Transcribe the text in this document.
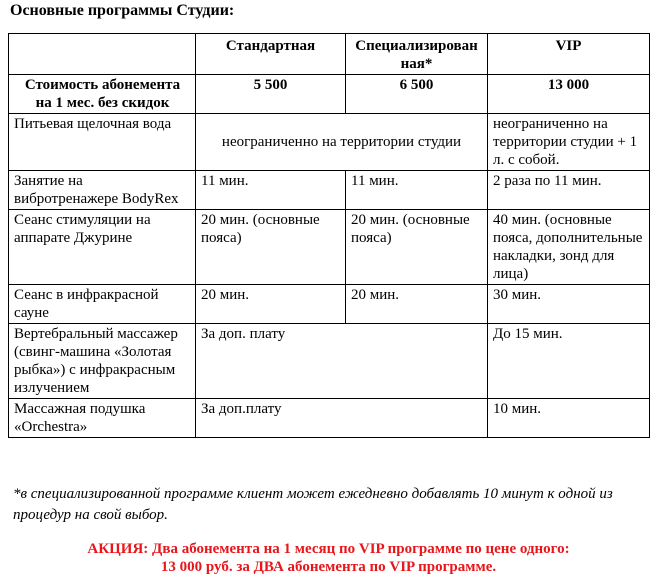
Основные программы Студии:
	Стандартная	Специализированная*	VIP
Стоимость абонемента на 1 мес. без скидок	5 500	6 500	13 000
Питьевая щелочная вода	неограниченно на территории студии		неограниченно на территории студии + 1 л. с собой.
Занятие на вибротренажере BodyRex	11 мин.	11 мин.	2 раза по 11 мин.
Сеанс стимуляции на аппарате Джурине	20 мин. (основные пояса)	20 мин. (основные пояса)	40 мин. (основные пояса, дополнительные накладки, зонд для лица)
Сеанс в инфракрасной сауне	20 мин.	20 мин.	30 мин.
Вертебральный массажер (свинг-машина «Золотая рыбка») с инфракрасным излучением	За доп. плату		До 15 мин.
Массажная подушка «Orchestra»	За доп.плату		10 мин.
*в специализированной программе клиент может ежедневно добавлять 10 минут к одной из процедур на свой выбор.
АКЦИЯ: Два абонемента на 1 месяц по VIP программе по цене одного:
13 000 руб. за ДВА абонемента по VIP программе.
